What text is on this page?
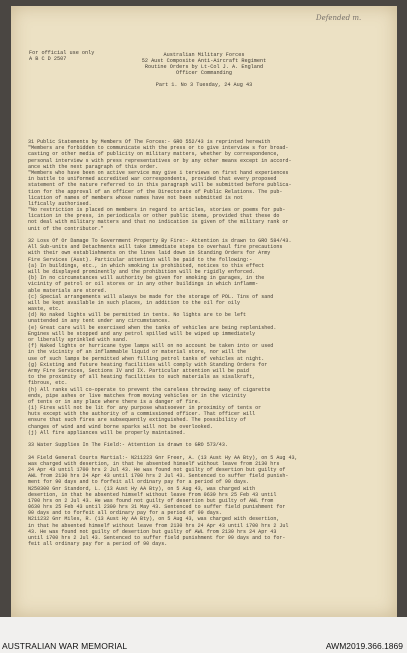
Defended m.
For official use only
A B C D 2507
Australian Military Forces
52 Aust Composite Anti-Aircraft Regiment
Routine Orders by Lt-Col J. A. England
Officer Commanding
Part 1. No 3 Tuesday, 24 Aug 43
31 Public Statements by Members Of The Forces:- GRO 552/43 is reprinted herewith
"Members are forbidden to communicate with the press or to give interview s for broad-
casting or other media of publicity on military matters, whether by correspondence,
personal interview s with press representatives or by any other means except in accord-
ance with the next paragraph of this order.
"Members who have been on active service may give i terviews on first hand experiences
in battle to uniformed accredited war correspondents, provided that every proposed
statement of the nature referred to in this paragraph will be submitted before publica-
tion for the approval of an officer of the Directorate of Public Relations. The pub-
lication of names of members whose names have not been submitted is not
lifically authorised.
"No restriction is placed on members in regard to articles, stories or poems for pub-
lication in the press, in periodicals or other public items, provided that these do
not deal with military matters and that no indication is given of the military rank or
unit of the contributor."
32 Loss Of Or Damage To Government Property By Fire:- Attention is drawn to GRO 584/43.
All Sub-units and Detachments will take immediate steps to overhaul fire precautions
with their own establishments on the lines laid down in Standing Orders for Army
Fire Services (Aust). Particular attention will be paid to the following:-
(a) In buildings, etc., in which smoking is prohibited, notices to this effect
will be displayed prominently and the prohibition will be rigidly enforced.
(b) In no circumstances will authority be given for smoking in garages, in the
vicinity of petrol or oil stores or in any other buildings in which inflamm-
able materials are stored.
(c) Special arrangements will always be made for the storage of POL. Tins of sand
will be kept available in such places, in addition to the oil for oily
waste, etc.
(d) No naked lights will be permitted in tents. No lights are to be left
unattended in any tent under any circumstances.
(e) Great care will be exercised when the tanks of vehicles are being replenished.
Engines will be stopped and any petrol spilled will be wiped up immediately
or liberally sprinkled with sand.
(f) Naked lights or hurricane type lamps will on no account be taken into or used
in the vicinity of an inflammable liquid or material store, nor will the
use of such lamps be permitted when filling petrol tanks of vehicles at night.
(g) Existing and future heating facilities will comply with Standing Orders for
Army Fire Services, Sections IV and IX. Particular attention will be paid
to the proximity of all heating facilities to such materials as sisalkraft,
fibrous, etc.
(h) All ranks will co-operate to prevent the careless throwing away of cigarette
ends, pipe ashes or live matches from moving vehicles or in the vicinity
of tents or in any place where there is a danger of fire.
(i) Fires will not be lit for any purpose whatsoever in proximity of tents or
huts except with the authority of a commissioned officer. That officer will
ensure that such fires are subsequently extinguished. The possibility of
changes of wind and wind borne sparks will not be overlooked.
(j) All fire appliances will be properly maintained.
33 Water Supplies In The Field:- Attention is drawn to GRO 573/43.
34 Field General Courts Martial:- N211223 Gnr Freer, A. (13 Aust Hy AA Bty), on 5 Aug 43,
was charged with desertion, in that he absented himself without leave from 2130 hrs
24 Apr 43 until 1700 hrs 2 Jul 43. He was found not guilty of desertion but guilty of
AWL from 2130 hrs 24 Apr 43 until 1700 hrs 2 Jul 43. Sentenced to suffer field punish-
ment for 90 days and to forfeit all ordinary pay for a period of 90 days.
N250300 Gnr Standord, L. (13 Aust Hy AA Bty), on 5 Aug 43, was charged with
desertion, in that he absented himself without leave from 0630 hrs 25 Feb 43 until
1700 hrs on 2 Jul 43. He was found not guilty of desertion but guilty of AWL from
0630 hrs 25 Feb 43 until 2300 hrs 31 May 43. Sentenced to suffer field punishment for
90 days and to forfeit all ordinary pay for a period of 90 days.
N211232 Gnr Miles, R. (13 Aust Hy AA Bty), on 5 Aug 43, was charged with desertion,
in that he absented himself without leave from 2130 hrs 24 Apr 43 until 1700 hrs 2 Jul
43. He was found not guilty of desertion but guilty of AWL from 2130 hrs 24 Apr 43
until 1700 hrs 2 Jul 43. Sentenced to suffer field punishment for 90 days and to for-
feit all ordinary pay for a period of 90 days.
AUSTRALIAN WAR MEMORIAL	AWM2019.366.1869
